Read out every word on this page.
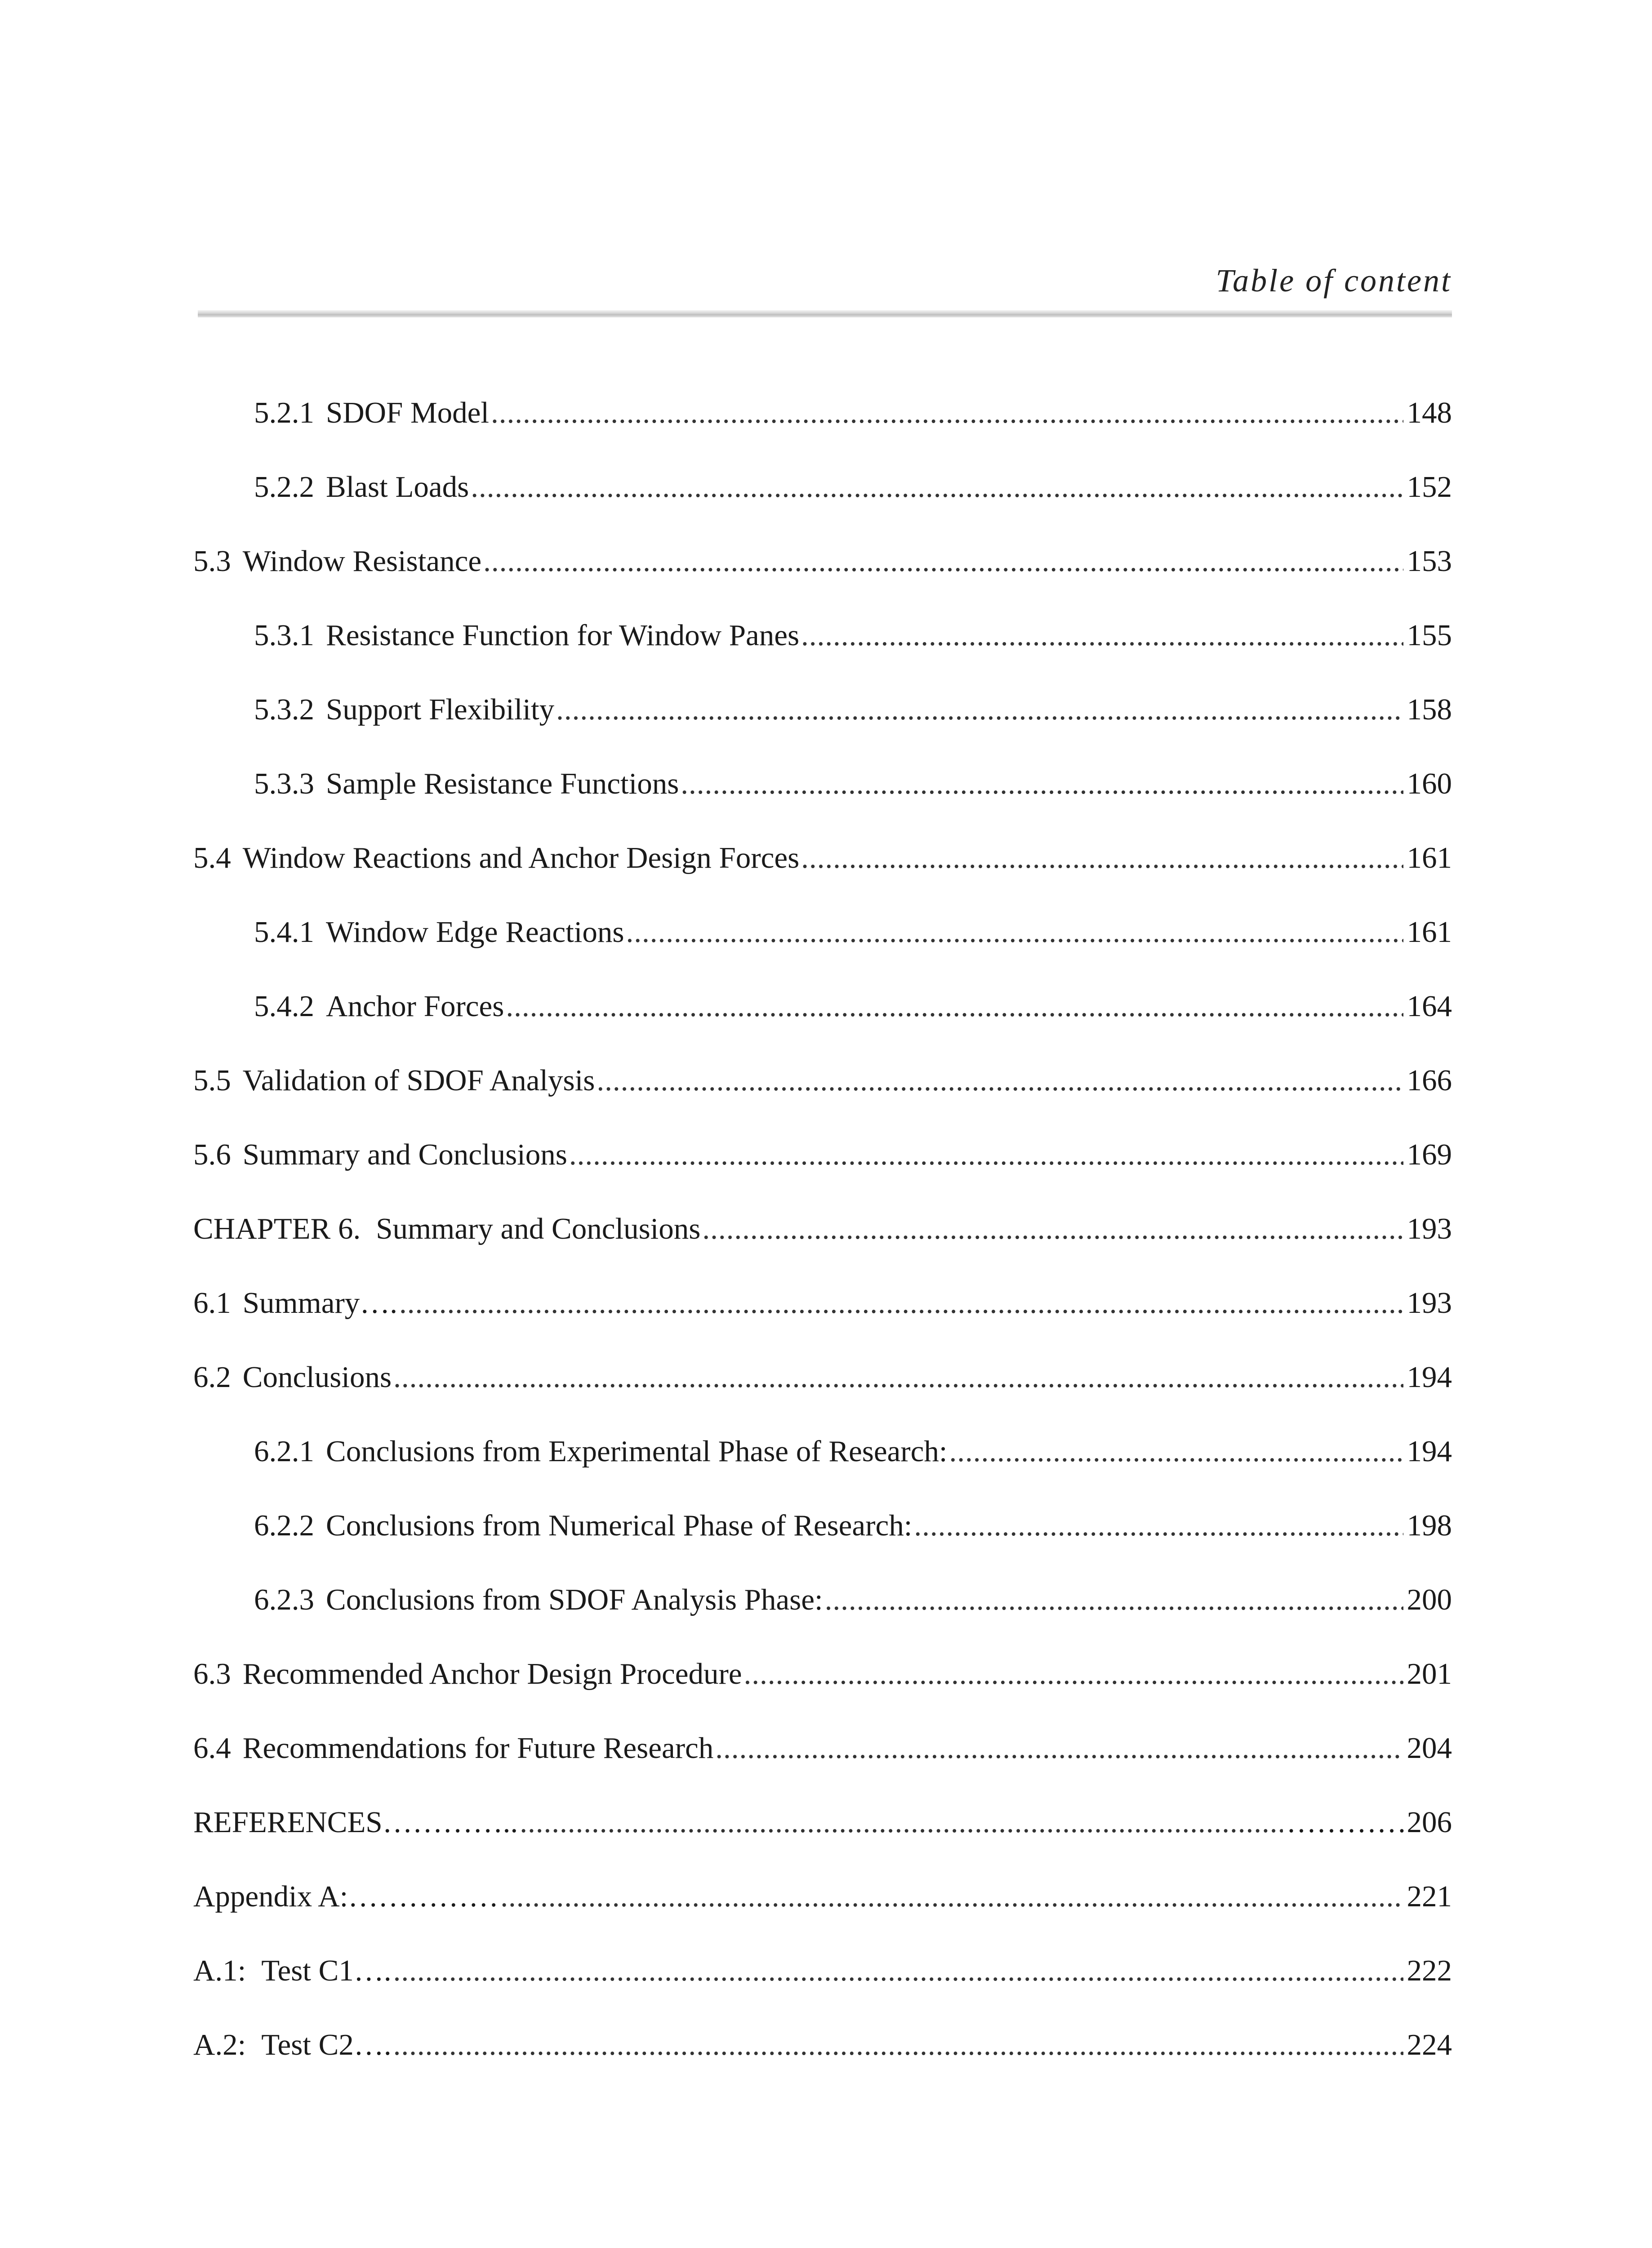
Table of content
5.2.1 SDOF Model .....	148
5.2.2 Blast Loads .....	152
5.3 Window Resistance .....	153
5.3.1 Resistance Function for Window Panes .....	155
5.3.2 Support Flexibility .....	158
5.3.3 Sample Resistance Functions .....	160
5.4 Window Reactions and Anchor Design Forces .....	161
5.4.1 Window Edge Reactions .....	161
5.4.2 Anchor Forces .....	164
5.5 Validation of SDOF Analysis .....	166
5.6 Summary and Conclusions .....	169
CHAPTER 6. Summary and Conclusions .....	193
6.1 Summary…. .....	193
6.2 Conclusions .....	194
6.2.1 Conclusions from Experimental Phase of Research: .....	194
6.2.2 Conclusions from Numerical Phase of Research: .....	198
6.2.3 Conclusions from SDOF Analysis Phase: .....	200
6.3 Recommended Anchor Design Procedure .....	201
6.4 Recommendations for Future Research .....	204
REFERENCES………….. .....	…………206
Appendix A:…………… .....	221
A.1: Test C1…. .....	222
A.2: Test C2…. .....	224
